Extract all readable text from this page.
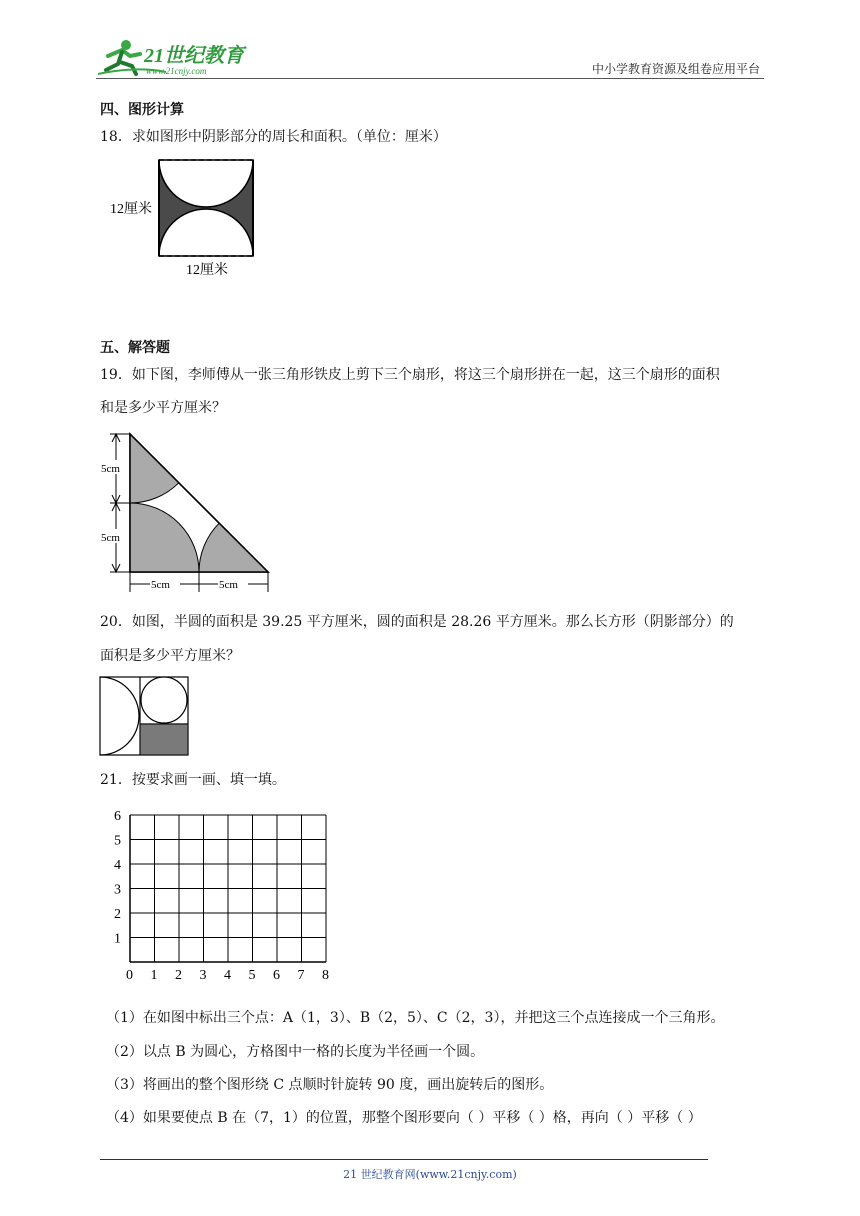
21世纪教育
www.21cnjy.com	中小学教育资源及组卷应用平台
四、图形计算
18．求如图形中阴影部分的周长和面积。（单位：厘米）
12厘米
12厘米
五、解答题
19．如下图，李师傅从一张三角形铁皮上剪下三个扇形，将这三个扇形拼在一起，这三个扇形的面积
和是多少平方厘米？
5cm
5cm
5cm	5cm
20．如图，半圆的面积是 39.25 平方厘米，圆的面积是 28.26 平方厘米。那么长方形（阴影部分）的
面积是多少平方厘米？
21．按要求画一画、填一填。
0 1 2 3 4 5 6 7 8
6
5
4
3
2
1
（1）在如图中标出三个点：A（1，3）、B（2，5）、C（2，3），并把这三个点连接成一个三角形。
（2）以点 B 为圆心，方格图中一格的长度为半径画一个圆。
（3）将画出的整个图形绕 C 点顺时针旋转 90 度，画出旋转后的图形。
（4）如果要使点 B 在（7，1）的位置，那整个图形要向（ ）平移（ ）格，再向（ ）平移（ ）
21 世纪教育网(www.21cnjy.com)
